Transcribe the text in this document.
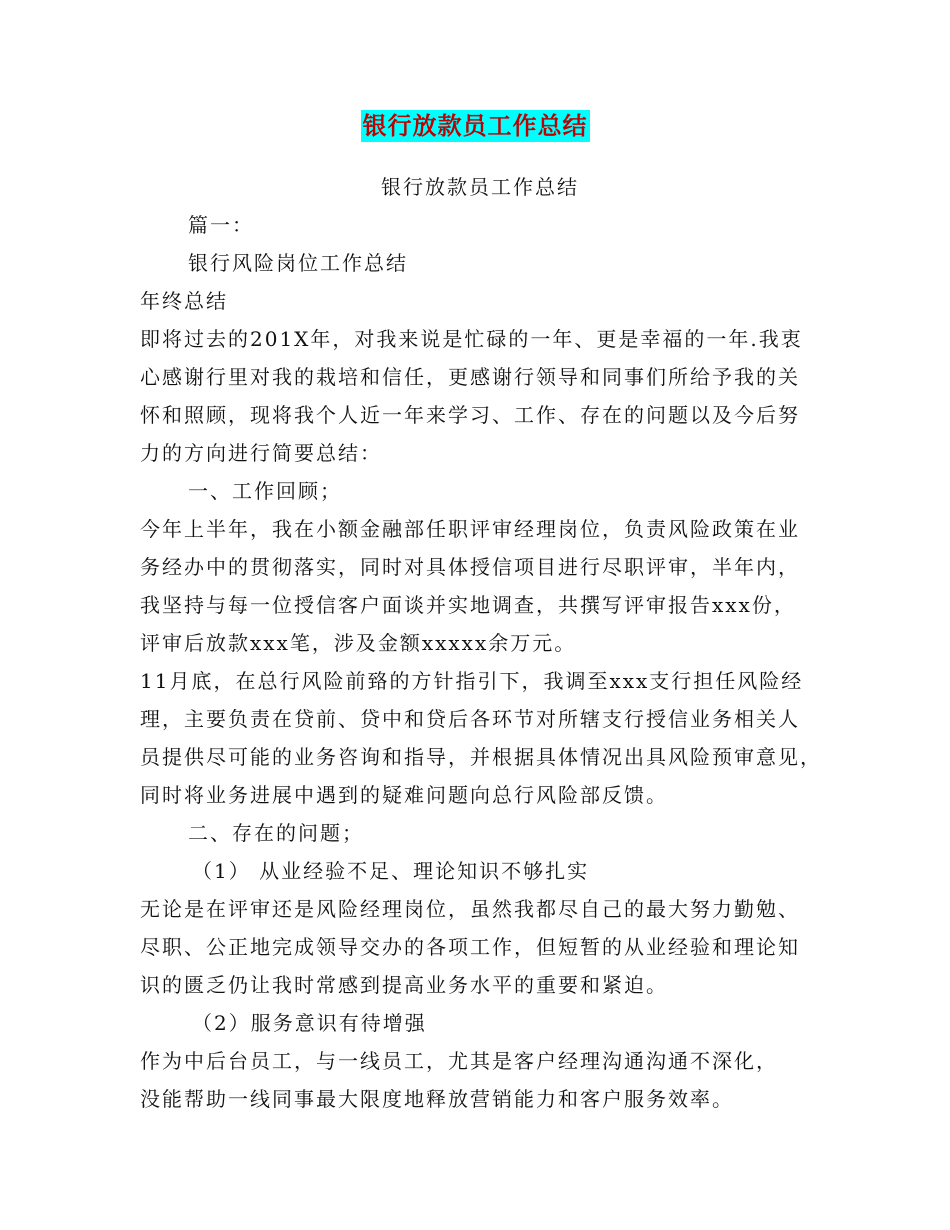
银行放款员工作总结
银行放款员工作总结
篇一：
银行风险岗位工作总结
年终总结
即将过去的201X年，对我来说是忙碌的一年、更是幸福的一年.我衷
心感谢行里对我的栽培和信任，更感谢行领导和同事们所给予我的关
怀和照顾，现将我个人近一年来学习、工作、存在的问题以及今后努
力的方向进行简要总结：
一、工作回顾；
今年上半年，我在小额金融部任职评审经理岗位，负责风险政策在业
务经办中的贯彻落实，同时对具体授信项目进行尽职评审，半年内，
我坚持与每一位授信客户面谈并实地调查，共撰写评审报告xxx份，
评审后放款xxx笔，涉及金额xxxxx余万元。
11月底，在总行风险前臵的方针指引下，我调至xxx支行担任风险经
理，主要负责在贷前、贷中和贷后各环节对所辖支行授信业务相关人
员提供尽可能的业务咨询和指导，并根据具体情况出具风险预审意见，
同时将业务进展中遇到的疑难问题向总行风险部反馈。
二、存在的问题；
（1） 从业经验不足、理论知识不够扎实
无论是在评审还是风险经理岗位，虽然我都尽自己的最大努力勤勉、
尽职、公正地完成领导交办的各项工作，但短暂的从业经验和理论知
识的匮乏仍让我时常感到提高业务水平的重要和紧迫。
（2）服务意识有待增强
作为中后台员工，与一线员工，尤其是客户经理沟通沟通不深化，
没能帮助一线同事最大限度地释放营销能力和客户服务效率。
